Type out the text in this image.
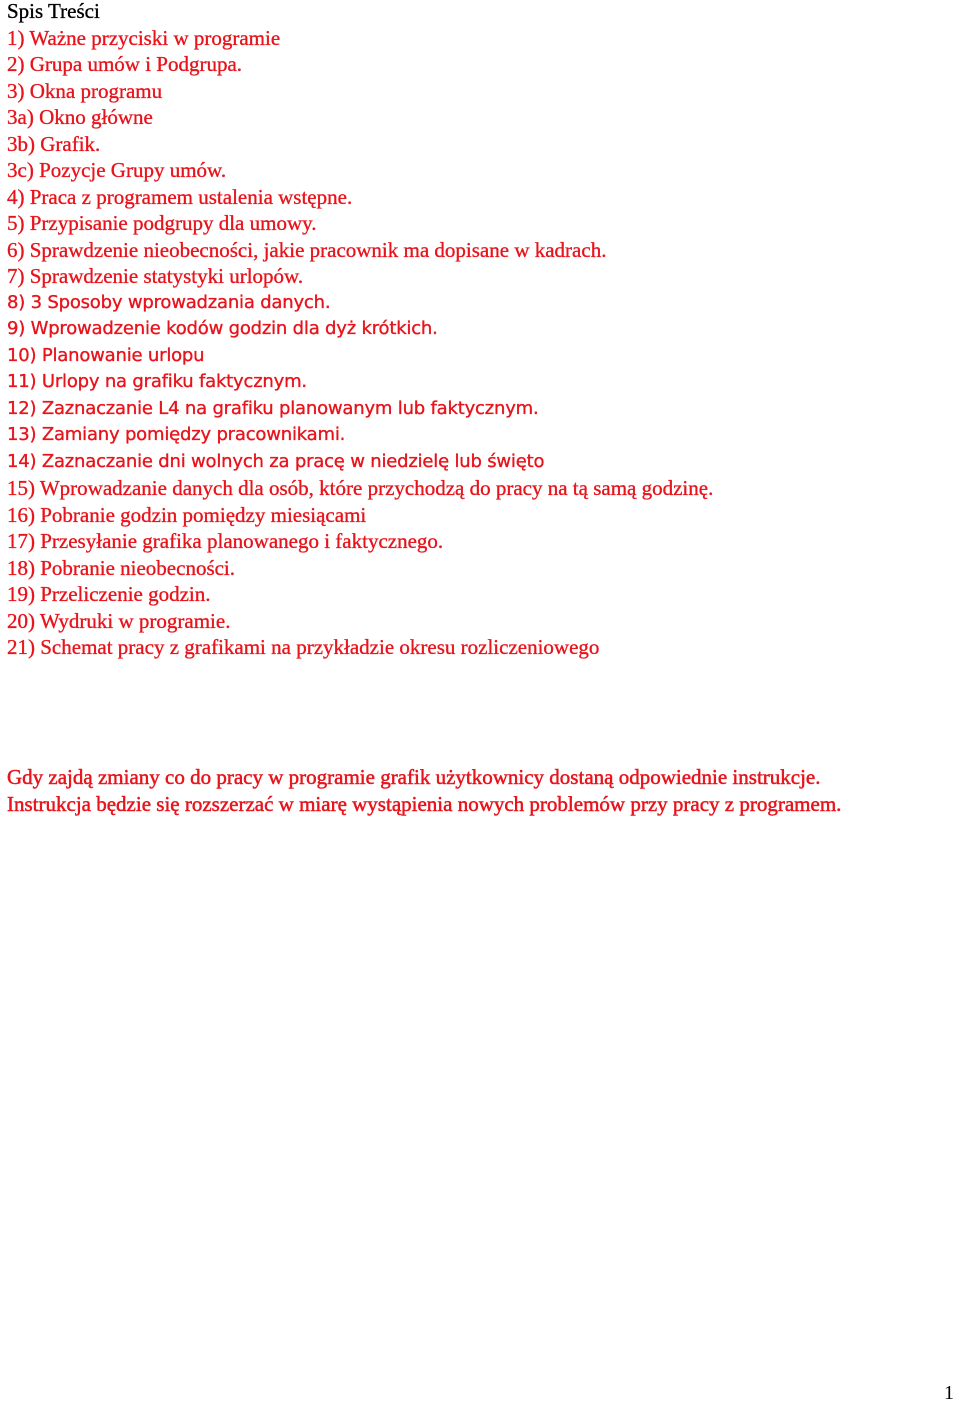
Spis Treści
1) Ważne przyciski w programie
2) Grupa umów i Podgrupa.
3) Okna programu
3a) Okno główne
3b) Grafik.
3c) Pozycje Grupy umów.
4) Praca z programem ustalenia wstępne.
5) Przypisanie podgrupy dla umowy.
6) Sprawdzenie nieobecności, jakie pracownik ma dopisane w kadrach.
7) Sprawdzenie statystyki urlopów.
8) 3 Sposoby wprowadzania danych.
9) Wprowadzenie kodów godzin dla dyż krótkich.
10) Planowanie urlopu
11) Urlopy na grafiku faktycznym.
12) Zaznaczanie L4 na grafiku planowanym lub faktycznym.
13) Zamiany pomiędzy pracownikami.
14) Zaznaczanie dni wolnych za pracę w niedzielę lub święto
15) Wprowadzanie danych dla osób, które przychodzą do pracy na tą samą godzinę.
16) Pobranie godzin pomiędzy miesiącami
17) Przesyłanie grafika planowanego i faktycznego.
18) Pobranie nieobecności.
19) Przeliczenie godzin.
20) Wydruki w programie.
21) Schemat pracy z grafikami na przykładzie okresu rozliczeniowego
Gdy zajdą zmiany co do pracy w programie grafik użytkownicy dostaną odpowiednie instrukcje. Instrukcja będzie się rozszerzać w miarę wystąpienia nowych problemów przy pracy z programem.
1
